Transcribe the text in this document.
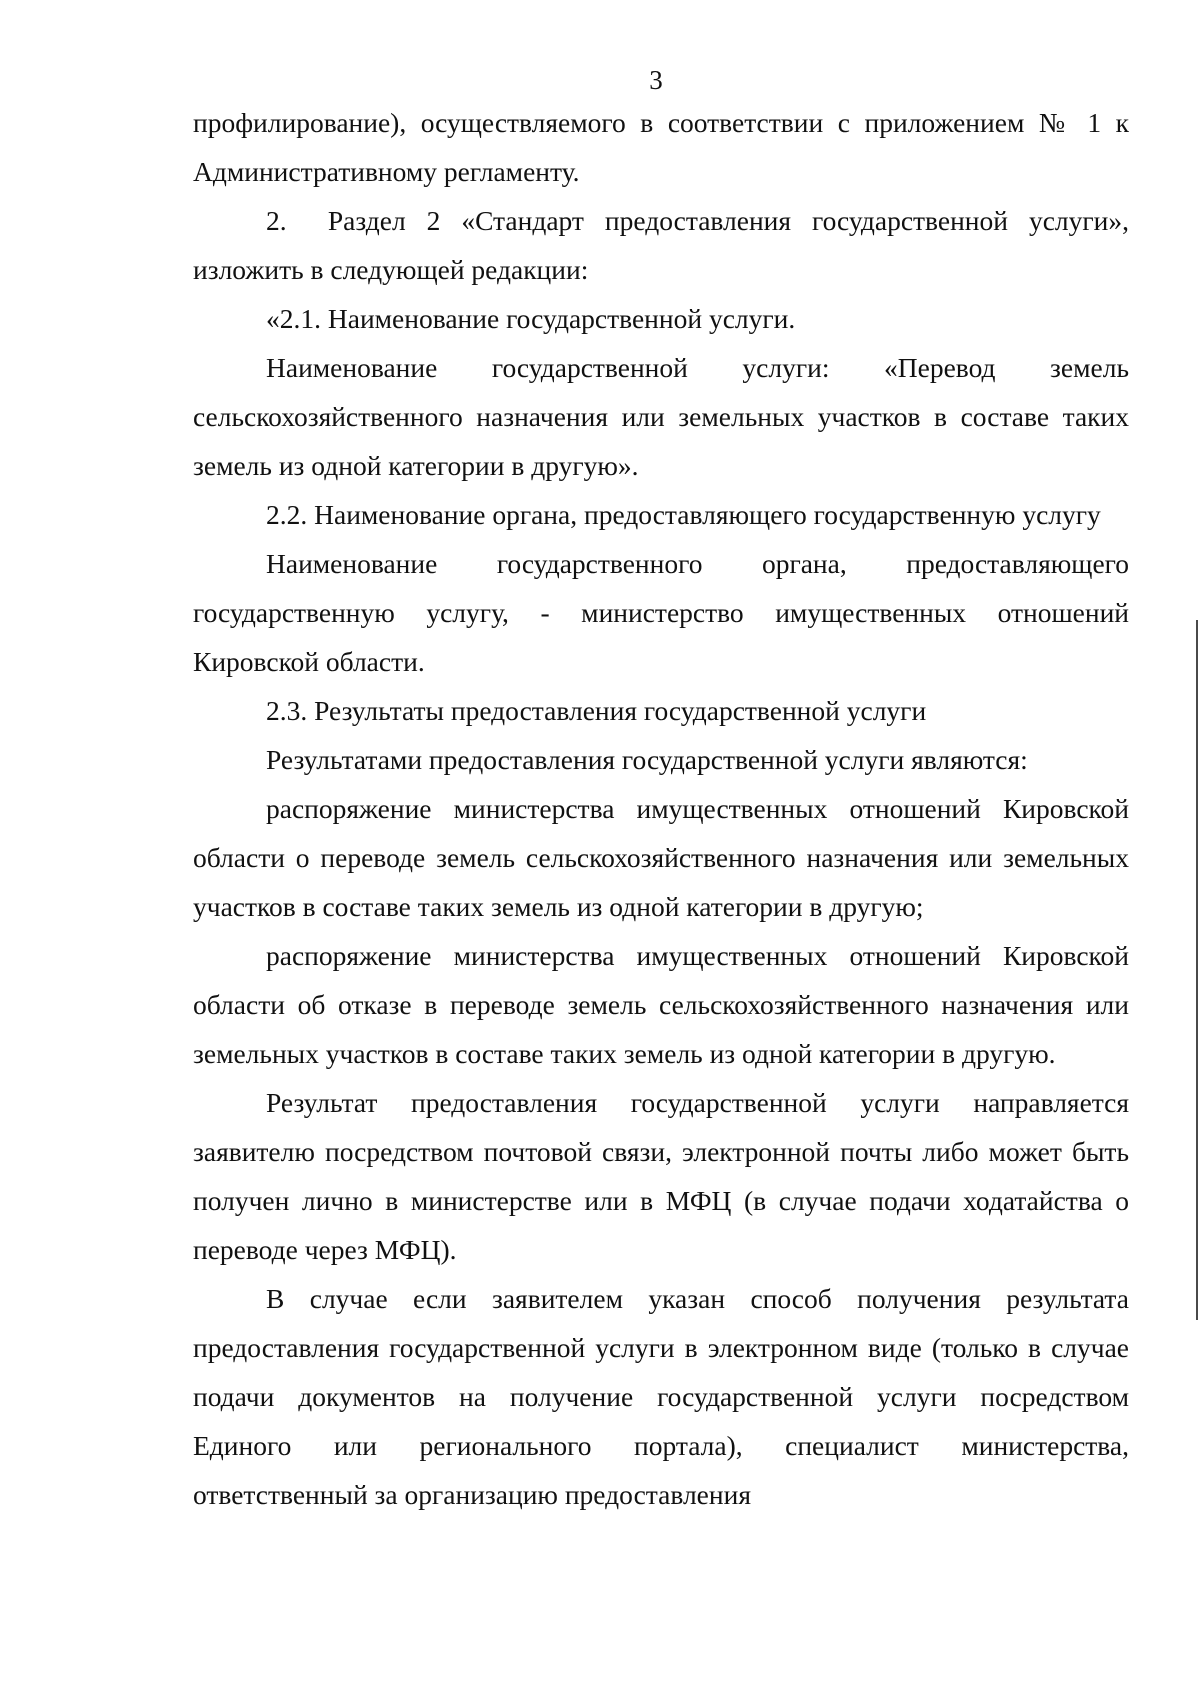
3

профилирование), осуществляемого в соответствии с приложением № 1 к Административному регламенту.

2.  Раздел 2 «Стандарт предоставления государственной услуги», изложить в следующей редакции:

«2.1. Наименование государственной услуги.

Наименование государственной услуги: «Перевод земель сельскохозяйственного назначения или земельных участков в составе таких земель из одной категории в другую».

2.2. Наименование органа, предоставляющего государственную услугу

Наименование государственного органа, предоставляющего государственную услугу, - министерство имущественных отношений Кировской области.

2.3. Результаты предоставления государственной услуги

Результатами предоставления государственной услуги являются:

распоряжение министерства имущественных отношений Кировской области о переводе земель сельскохозяйственного назначения или земельных участков в составе таких земель из одной категории в другую;

распоряжение министерства имущественных отношений Кировской области об отказе в переводе земель сельскохозяйственного назначения или земельных участков в составе таких земель из одной категории в другую.

Результат предоставления государственной услуги направляется заявителю посредством почтовой связи, электронной почты либо может быть получен лично в министерстве или в МФЦ (в случае подачи ходатайства о переводе через МФЦ).

В случае если заявителем указан способ получения результата предоставления государственной услуги в электронном виде (только в случае подачи документов на получение государственной услуги посредством Единого или регионального портала), специалист министерства, ответственный за организацию предоставления
